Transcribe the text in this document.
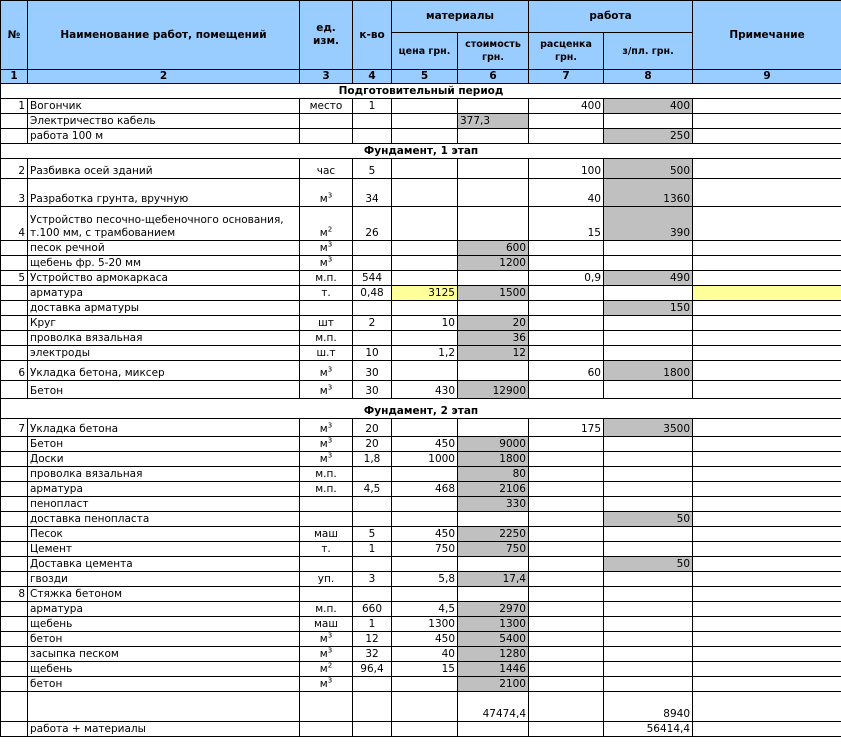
№	Наименование работ, помещений	ед. изм.	к-во	материалы		работа		Примечание
				цена грн.	стоимость грн.	расценка грн.	з/пл. грн.	
1	2	3	4	5	6	7	8	9
Подготовительный период								
1	Вогончик	место	1			400	400	
	Электричество кабель				377,3			
	работа 100 м						250	
Фундамент, 1 этап								
2	Разбивка осей зданий	час	5			100	500	
3	Разработка грунта, вручную	$м^3$	34			40	1360	
4	Устройство песочно-щебеночного основания, т.100 мм, с трамбованием	$м^2$	26			15	390	
	песок речной	$м^3$			600			
	щебень фр. 5-20 мм	$м^3$			1200			
5	Устройство армокаркаса	м.п.	544			0,9	490	
	арматура	т.	0,48	3125	1500			
	доставка арматуры						150	
	Круг	шт	2	10	20			
	проволка вязальная	м.п.			36			
	электроды	ш.т	10	1,2	12			
6	Укладка бетона, миксер	$м^3$	30			60	1800	
	Бетон	$м^3$	30	430	12900			
Фундамент, 2 этап								
7	Укладка бетона	$м^3$	20			175	3500	
	Бетон	$м^3$	20	450	9000			
	Доски	$м^3$	1,8	1000	1800			
	проволка вязальная	м.п.			80			
	арматура	м.п.	4,5	468	2106			
	пенопласт				330			
	доставка пенопласта						50	
	Песок	маш	5	450	2250			
	Цемент	т.	1	750	750			
	Доставка цемента						50	
	гвозди	уп.	3	5,8	17,4			
8	Стяжка бетоном							
	арматура	м.п.	660	4,5	2970			
	щебень	маш	1	1300	1300			
	бетон	$м^3$	12	450	5400			
	засыпка песком	$м^3$	32	40	1280			
	щебень	$м^2$	96,4	15	1446			
	бетон	$м^3$			2100			
					47474,4		8940	
	работа + материалы						56414,4	
